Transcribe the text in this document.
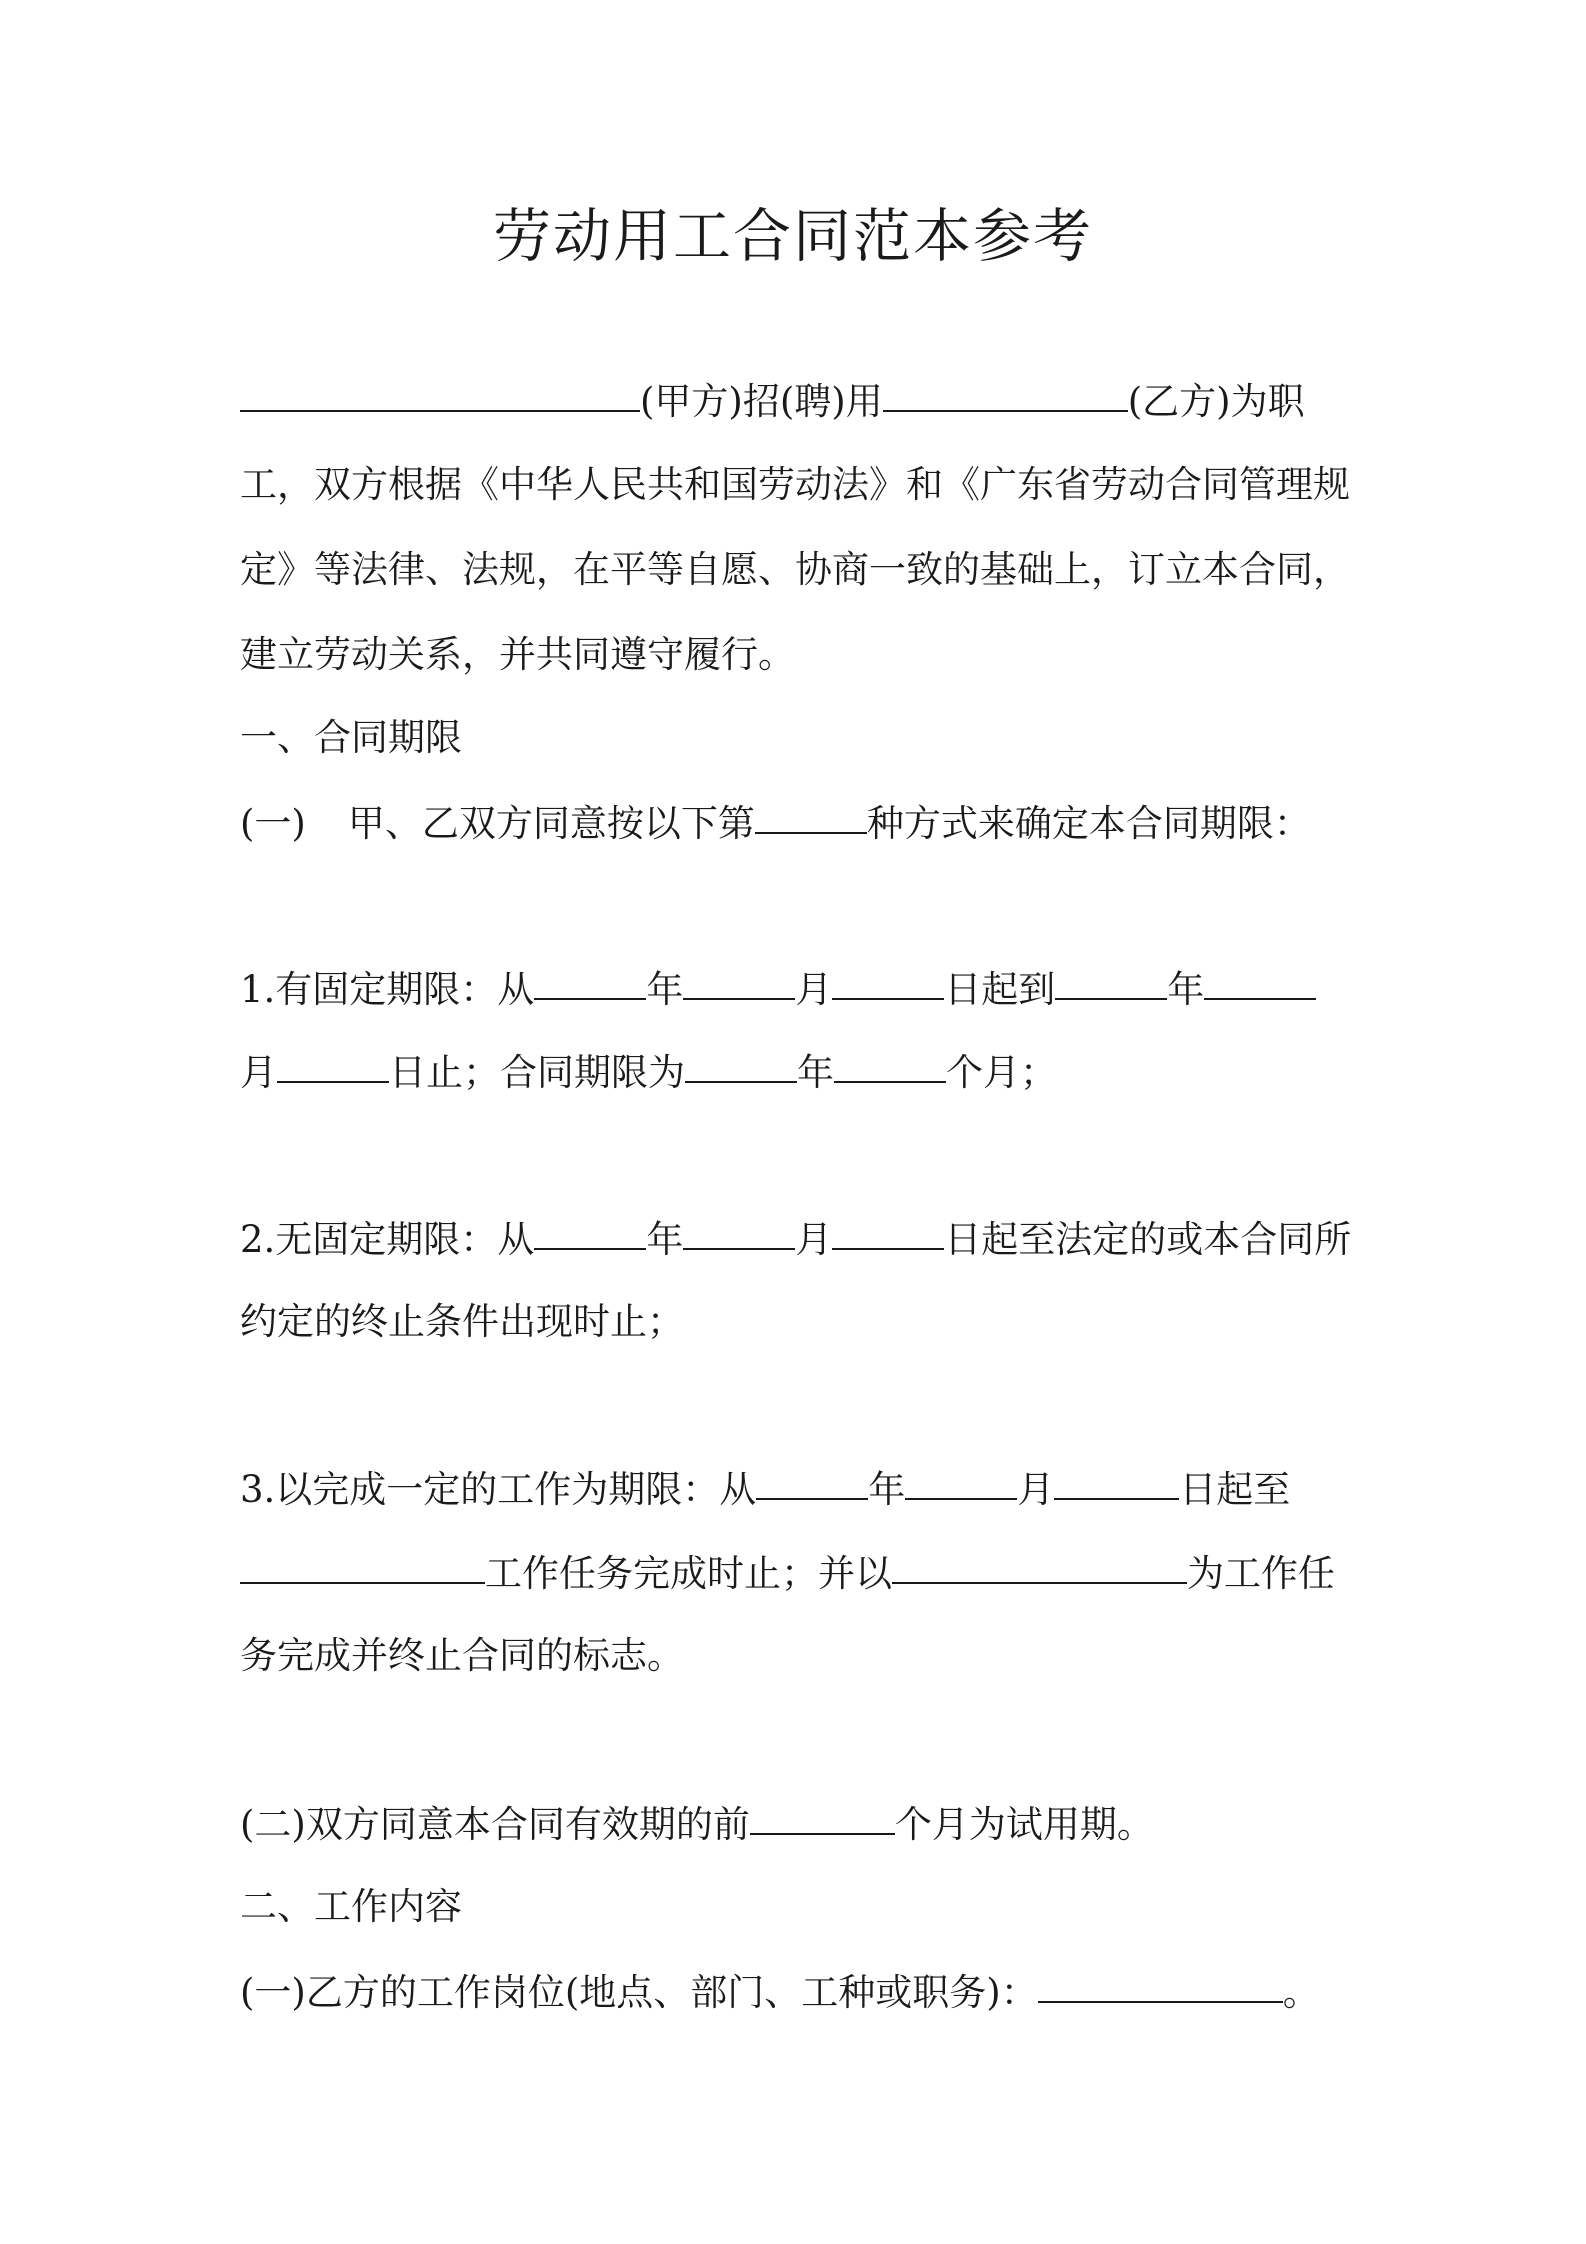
劳动用工合同范本参考
(甲方)招(聘)用	(乙方)为职
工，双方根据《中华人民共和国劳动法》和《广东省劳动合同管理规
定》等法律、法规，在平等自愿、协商一致的基础上，订立本合同，
建立劳动关系，并共同遵守履行。
一、合同期限
(一) 甲、乙双方同意按以下第	种方式来确定本合同期限：
1.有固定期限：从	年	月	日起到	年
月	日止；合同期限为	年	个月；
2.无固定期限：从	年	月	日起至法定的或本合同所
约定的终止条件出现时止；
3.以完成一定的工作为期限：从	年	月	日起至
工作任务完成时止；并以	为工作任
务完成并终止合同的标志。
(二)双方同意本合同有效期的前	个月为试用期。
二、工作内容
(一)乙方的工作岗位(地点、部门、工种或职务)：	。
